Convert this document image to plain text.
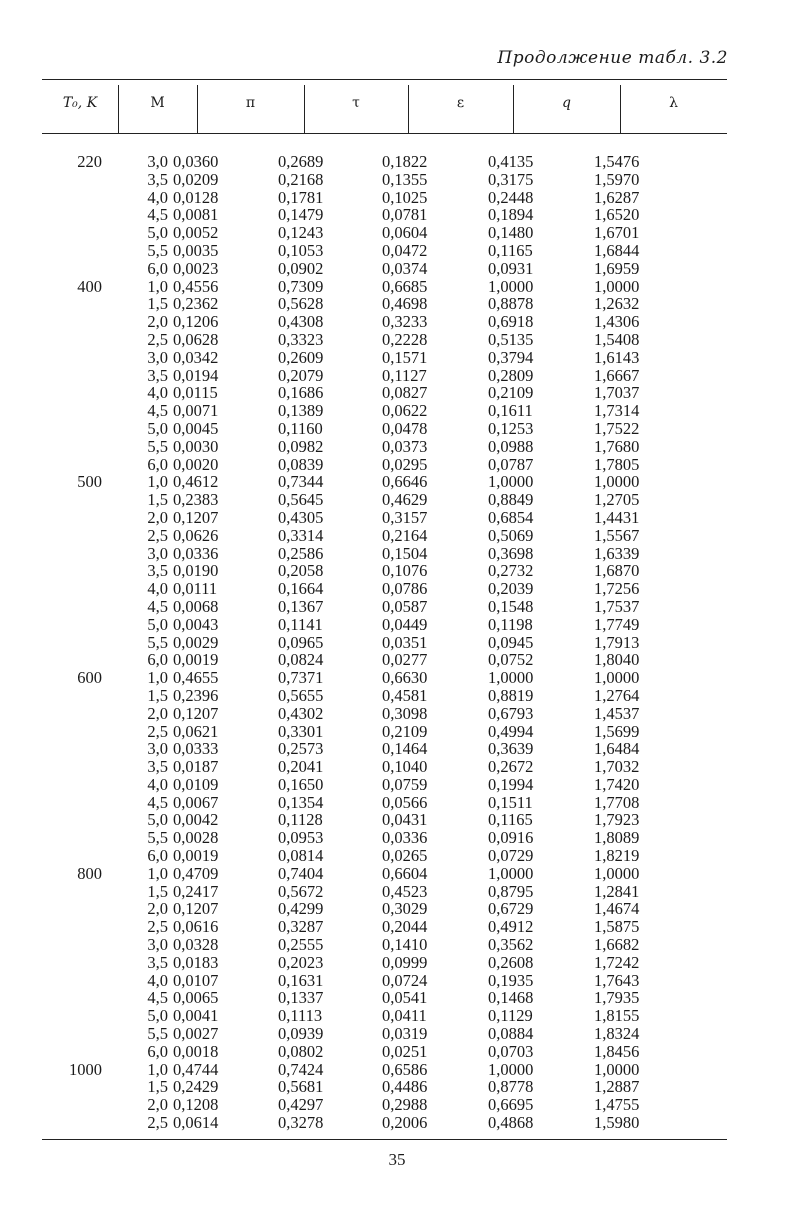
Продолжение табл. 3.2
T₀, K	M	π	τ	ε	q	λ
220	3,0	0,0360	0,2689	0,1822	0,4135	1,5476
	3,5	0,0209	0,2168	0,1355	0,3175	1,5970
	4,0	0,0128	0,1781	0,1025	0,2448	1,6287
	4,5	0,0081	0,1479	0,0781	0,1894	1,6520
	5,0	0,0052	0,1243	0,0604	0,1480	1,6701
	5,5	0,0035	0,1053	0,0472	0,1165	1,6844
	6,0	0,0023	0,0902	0,0374	0,0931	1,6959
400	1,0	0,4556	0,7309	0,6685	1,0000	1,0000
	1,5	0,2362	0,5628	0,4698	0,8878	1,2632
	2,0	0,1206	0,4308	0,3233	0,6918	1,4306
	2,5	0,0628	0,3323	0,2228	0,5135	1,5408
	3,0	0,0342	0,2609	0,1571	0,3794	1,6143
	3,5	0,0194	0,2079	0,1127	0,2809	1,6667
	4,0	0,0115	0,1686	0,0827	0,2109	1,7037
	4,5	0,0071	0,1389	0,0622	0,1611	1,7314
	5,0	0,0045	0,1160	0,0478	0,1253	1,7522
	5,5	0,0030	0,0982	0,0373	0,0988	1,7680
	6,0	0,0020	0,0839	0,0295	0,0787	1,7805
500	1,0	0,4612	0,7344	0,6646	1,0000	1,0000
	1,5	0,2383	0,5645	0,4629	0,8849	1,2705
	2,0	0,1207	0,4305	0,3157	0,6854	1,4431
	2,5	0,0626	0,3314	0,2164	0,5069	1,5567
	3,0	0,0336	0,2586	0,1504	0,3698	1,6339
	3,5	0,0190	0,2058	0,1076	0,2732	1,6870
	4,0	0,0111	0,1664	0,0786	0,2039	1,7256
	4,5	0,0068	0,1367	0,0587	0,1548	1,7537
	5,0	0,0043	0,1141	0,0449	0,1198	1,7749
	5,5	0,0029	0,0965	0,0351	0,0945	1,7913
	6,0	0,0019	0,0824	0,0277	0,0752	1,8040
600	1,0	0,4655	0,7371	0,6630	1,0000	1,0000
	1,5	0,2396	0,5655	0,4581	0,8819	1,2764
	2,0	0,1207	0,4302	0,3098	0,6793	1,4537
	2,5	0,0621	0,3301	0,2109	0,4994	1,5699
	3,0	0,0333	0,2573	0,1464	0,3639	1,6484
	3,5	0,0187	0,2041	0,1040	0,2672	1,7032
	4,0	0,0109	0,1650	0,0759	0,1994	1,7420
	4,5	0,0067	0,1354	0,0566	0,1511	1,7708
	5,0	0,0042	0,1128	0,0431	0,1165	1,7923
	5,5	0,0028	0,0953	0,0336	0,0916	1,8089
	6,0	0,0019	0,0814	0,0265	0,0729	1,8219
800	1,0	0,4709	0,7404	0,6604	1,0000	1,0000
	1,5	0,2417	0,5672	0,4523	0,8795	1,2841
	2,0	0,1207	0,4299	0,3029	0,6729	1,4674
	2,5	0,0616	0,3287	0,2044	0,4912	1,5875
	3,0	0,0328	0,2555	0,1410	0,3562	1,6682
	3,5	0,0183	0,2023	0,0999	0,2608	1,7242
	4,0	0,0107	0,1631	0,0724	0,1935	1,7643
	4,5	0,0065	0,1337	0,0541	0,1468	1,7935
	5,0	0,0041	0,1113	0,0411	0,1129	1,8155
	5,5	0,0027	0,0939	0,0319	0,0884	1,8324
	6,0	0,0018	0,0802	0,0251	0,0703	1,8456
1000	1,0	0,4744	0,7424	0,6586	1,0000	1,0000
	1,5	0,2429	0,5681	0,4486	0,8778	1,2887
	2,0	0,1208	0,4297	0,2988	0,6695	1,4755
	2,5	0,0614	0,3278	0,2006	0,4868	1,5980
35
